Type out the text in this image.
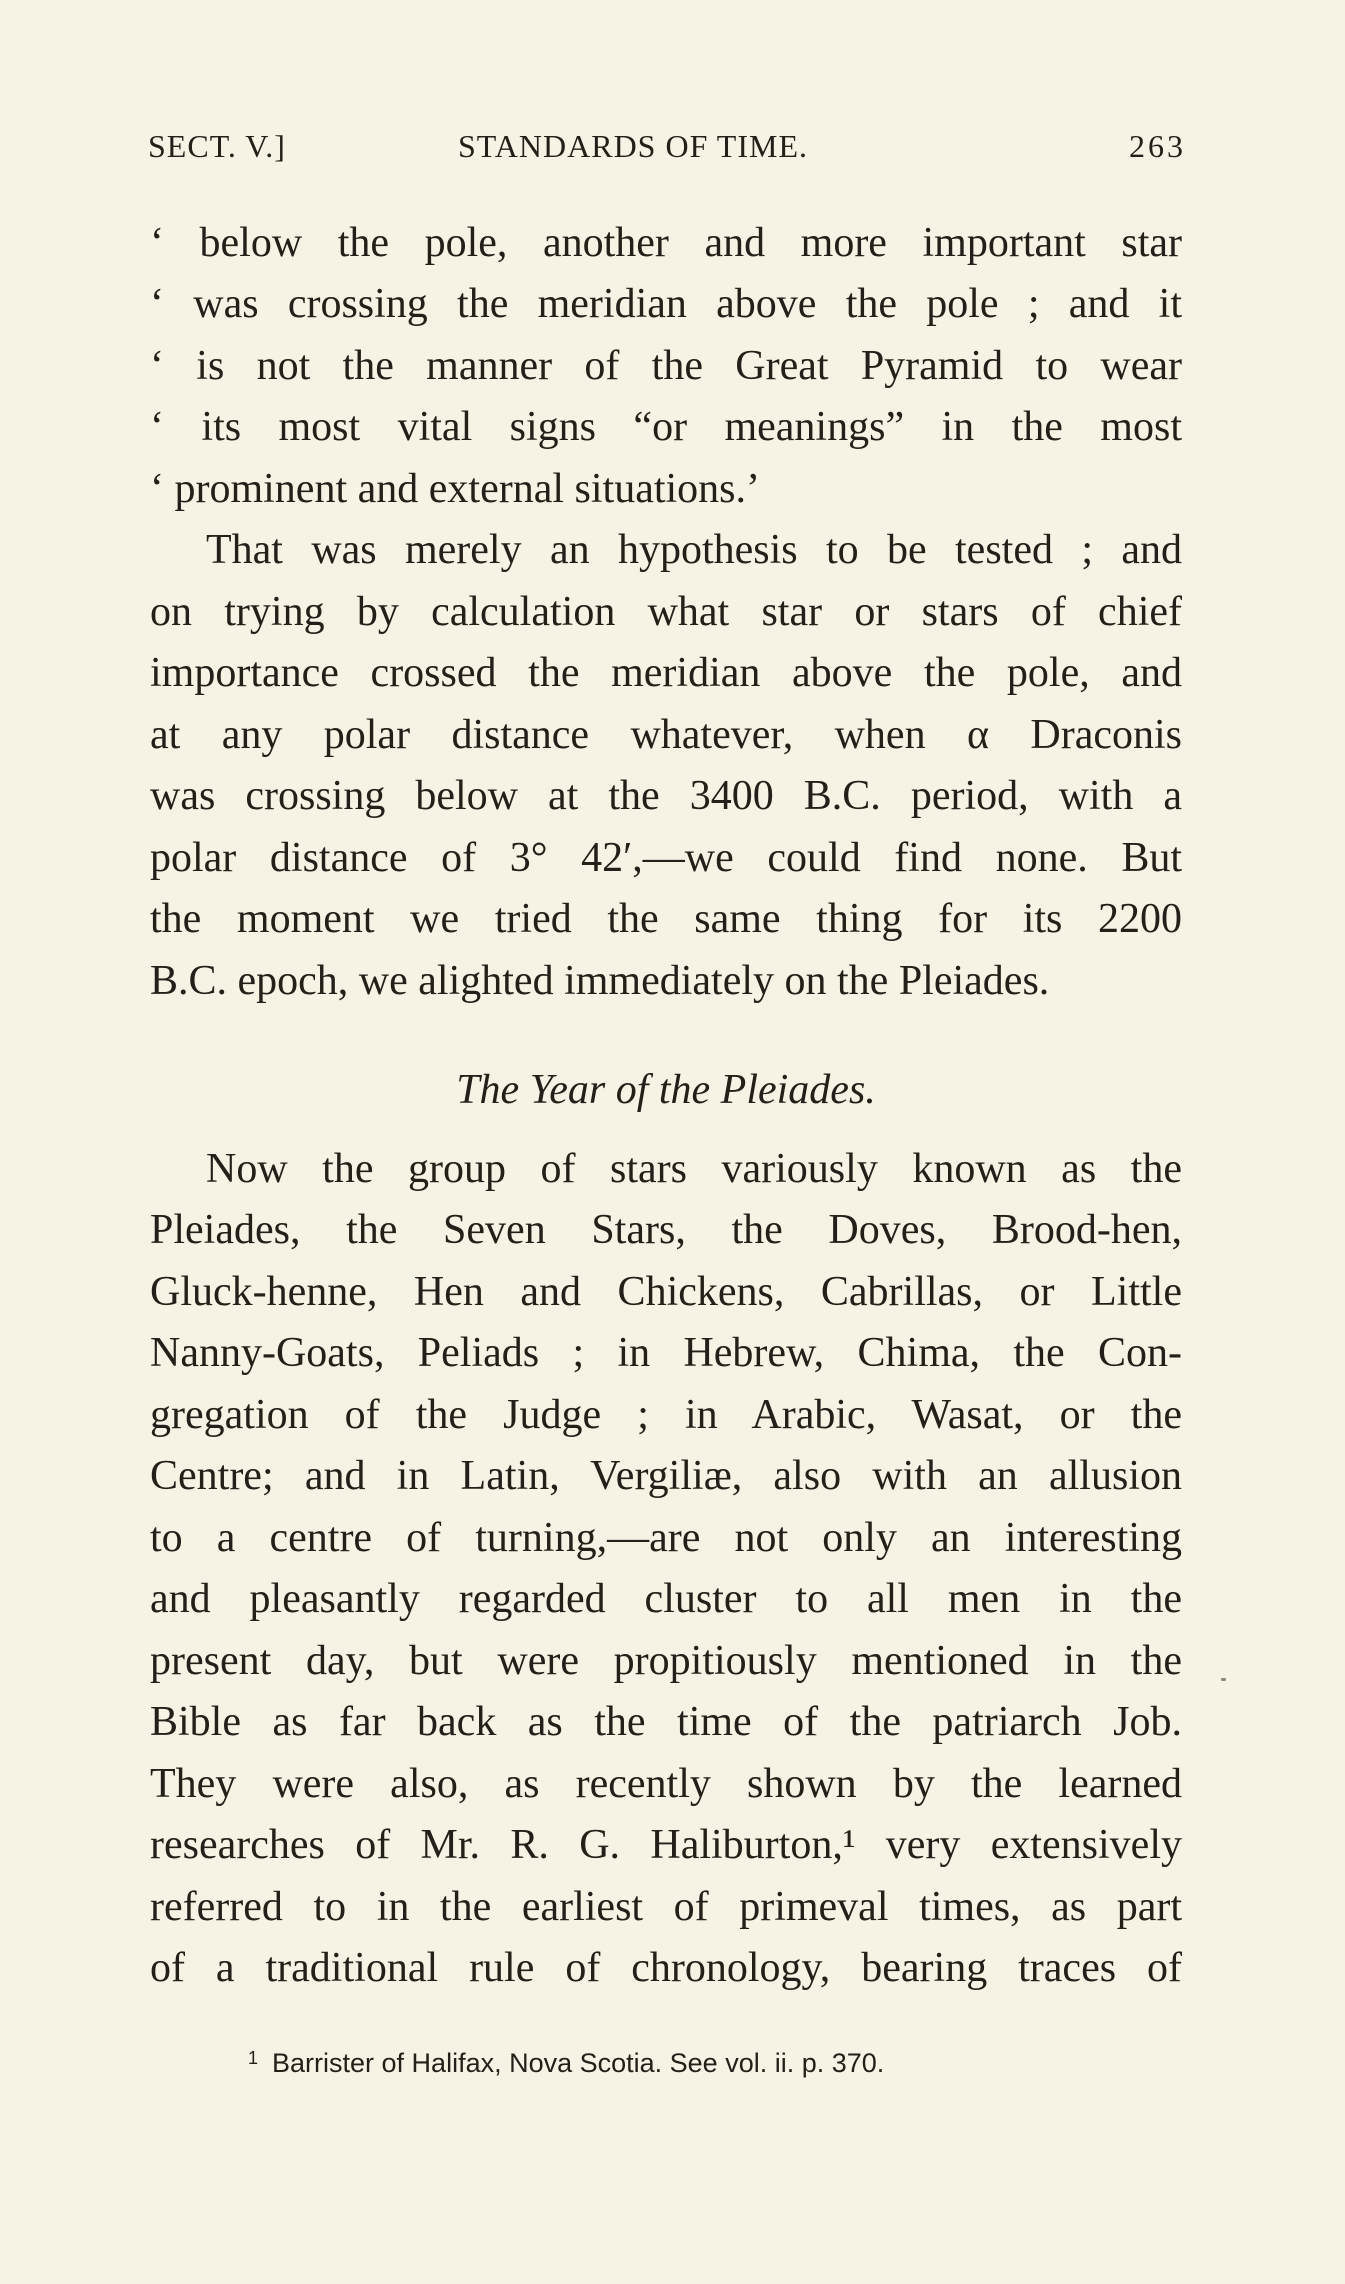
SECT. V.]	STANDARDS OF TIME.	263
‘ below the pole, another and more important star
‘ was crossing the meridian above the pole ; and it
‘ is not the manner of the Great Pyramid to wear
‘ its most vital signs “or meanings” in the most
‘ prominent and external situations.’
That was merely an hypothesis to be tested ; and
on trying by calculation what star or stars of chief
importance crossed the meridian above the pole, and
at any polar distance whatever, when α Draconis
was crossing below at the 3400 B.C. period, with a
polar distance of 3° 42′,—we could find none. But
the moment we tried the same thing for its 2200
B.C. epoch, we alighted immediately on the Pleiades.
The Year of the Pleiades.
Now the group of stars variously known as the
Pleiades, the Seven Stars, the Doves, Brood-hen,
Gluck-henne, Hen and Chickens, Cabrillas, or Little
Nanny-Goats, Peliads ; in Hebrew, Chima, the Con-
gregation of the Judge ; in Arabic, Wasat, or the
Centre; and in Latin, Vergiliæ, also with an allusion
to a centre of turning,—are not only an interesting
and pleasantly regarded cluster to all men in the
present day, but were propitiously mentioned in the
Bible as far back as the time of the patriarch Job.
They were also, as recently shown by the learned
researches of Mr. R. G. Haliburton,¹ very extensively
referred to in the earliest of primeval times, as part
of a traditional rule of chronology, bearing traces of
$^1$ Barrister of Halifax, Nova Scotia. See vol. ii. p. 370.
